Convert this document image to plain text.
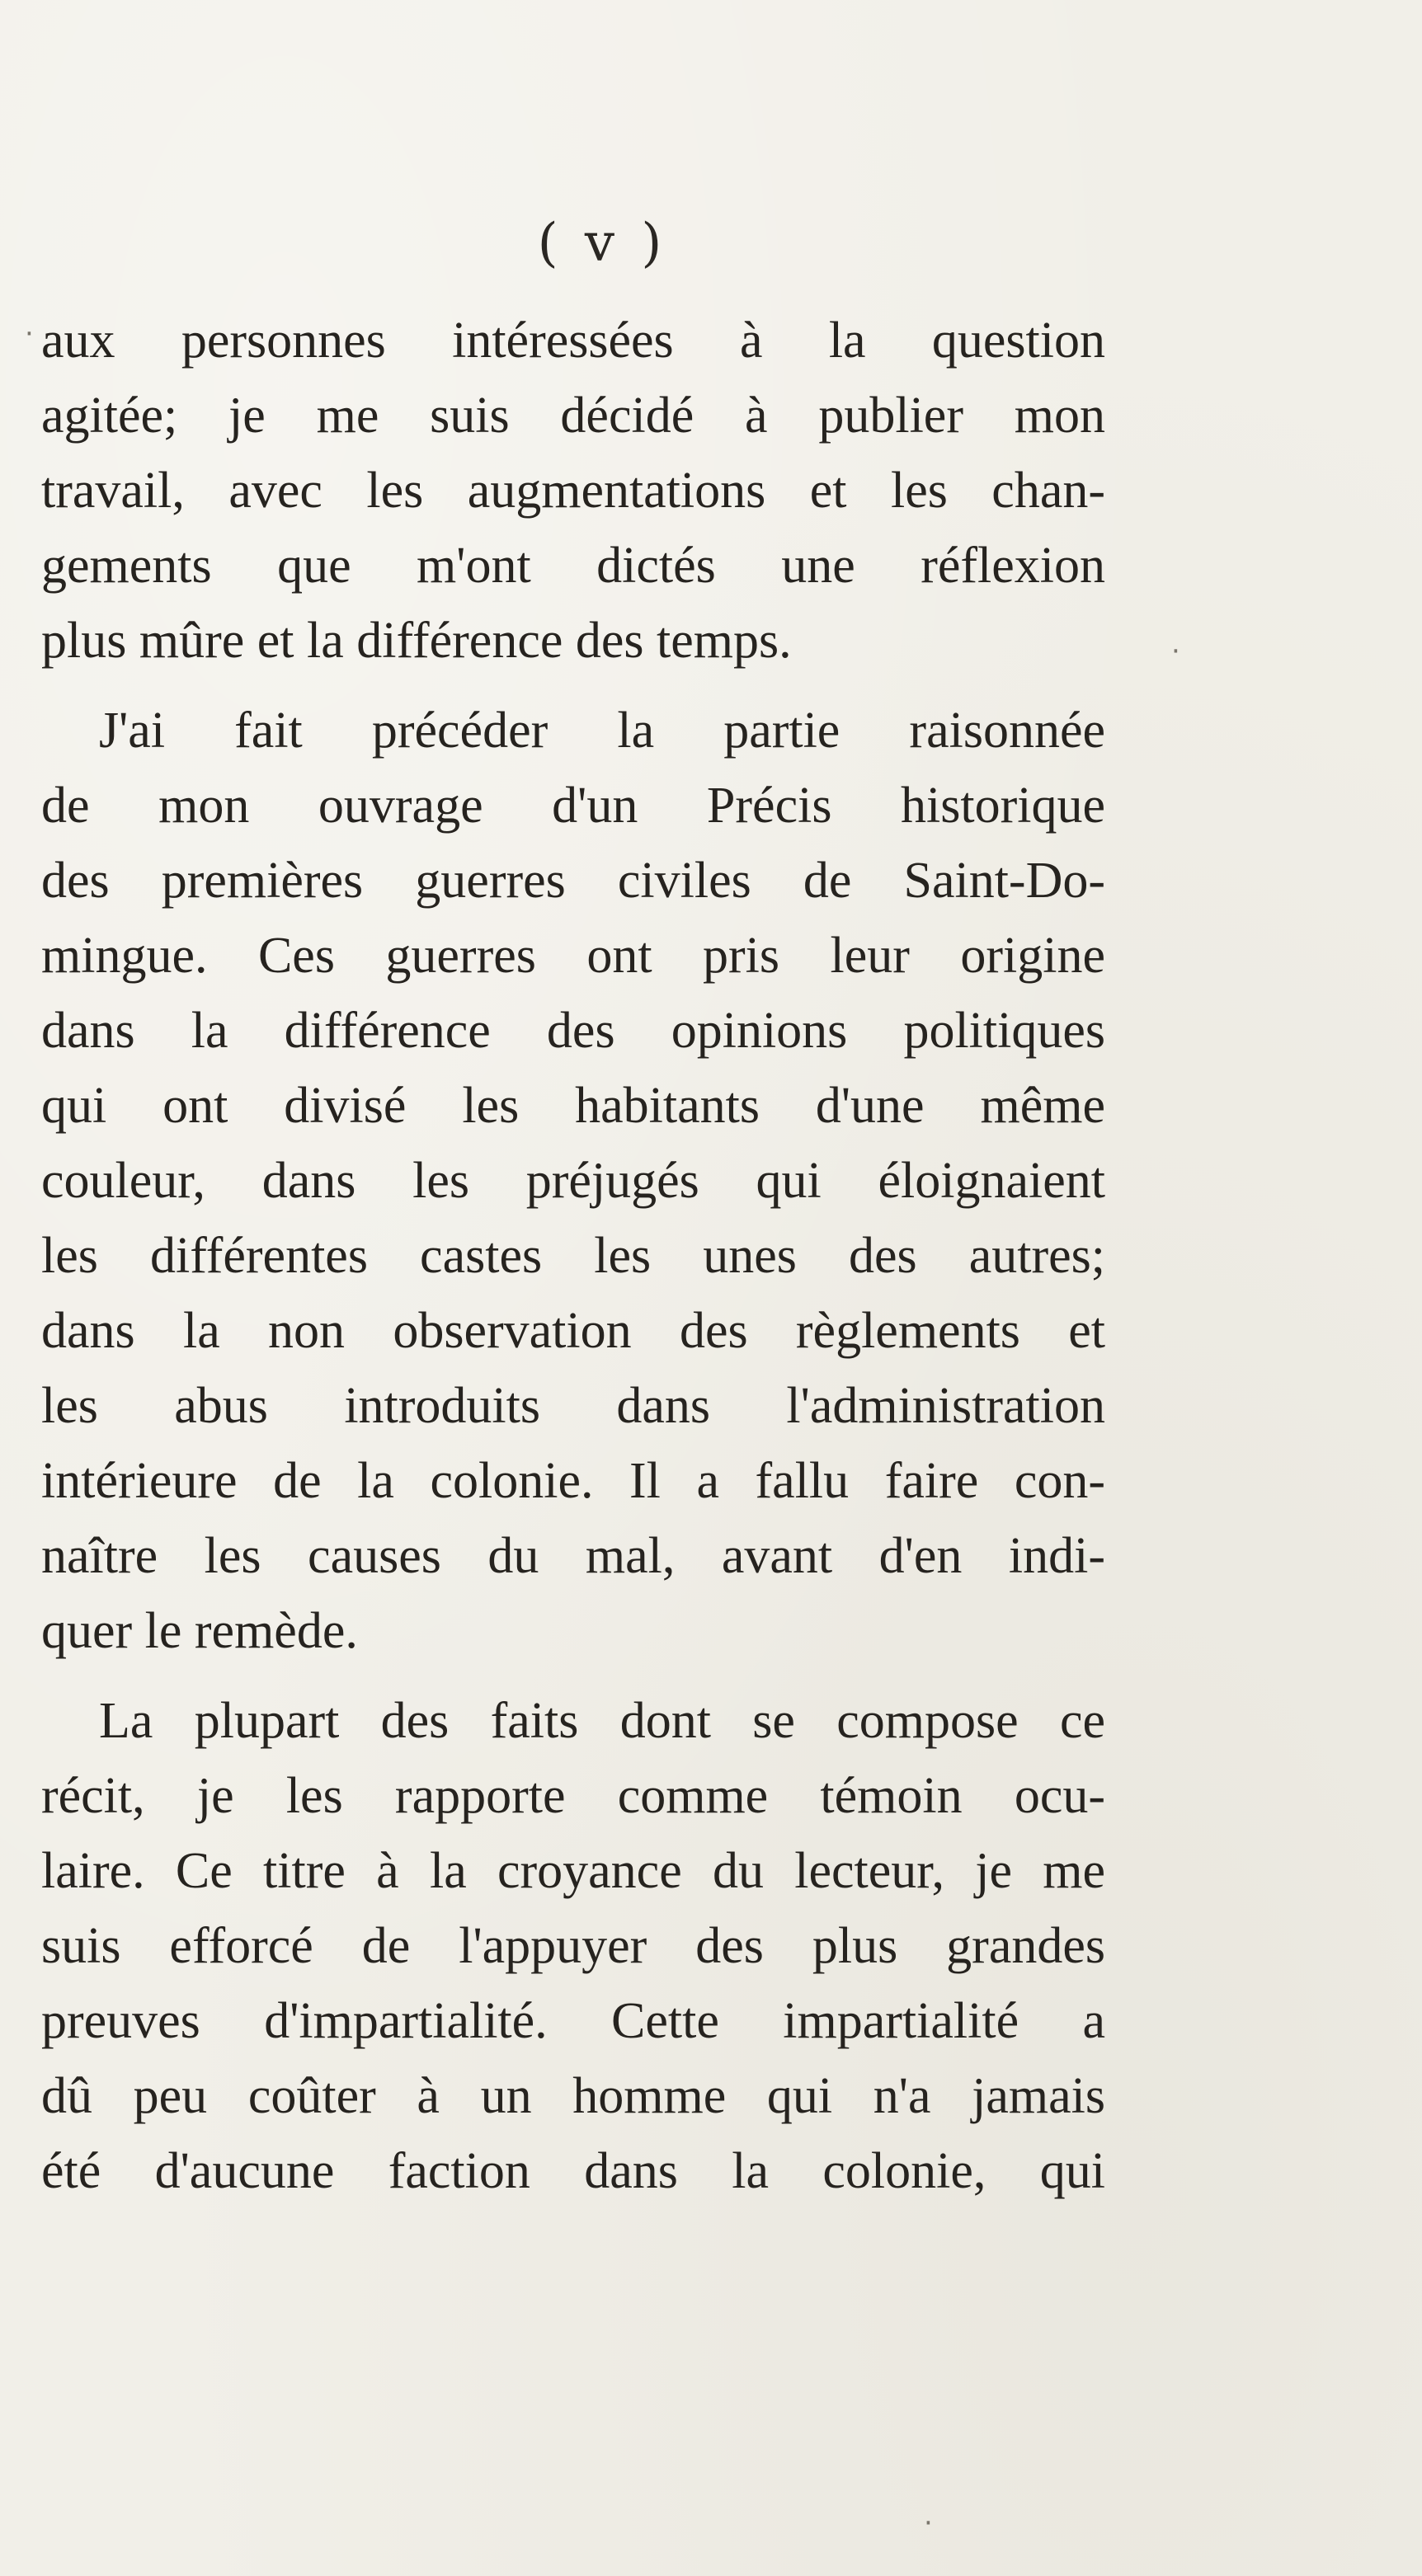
( v )
aux personnes intéressées à la question
agitée; je me suis décidé à publier mon
travail, avec les augmentations et les chan-
gements que m'ont dictés une réflexion
plus mûre et la différence des temps.
J'ai fait précéder la partie raisonnée
de mon ouvrage d'un Précis historique
des premières guerres civiles de Saint-Do-
mingue. Ces guerres ont pris leur origine
dans la différence des opinions politiques
qui ont divisé les habitants d'une même
couleur, dans les préjugés qui éloignaient
les différentes castes les unes des autres;
dans la non observation des règlements et
les abus introduits dans l'administration
intérieure de la colonie. Il a fallu faire con-
naître les causes du mal, avant d'en indi-
quer le remède.
La plupart des faits dont se compose ce
récit, je les rapporte comme témoin ocu-
laire. Ce titre à la croyance du lecteur, je me
suis efforcé de l'appuyer des plus grandes
preuves d'impartialité. Cette impartialité a
dû peu coûter à un homme qui n'a jamais
été d'aucune faction dans la colonie, qui
·
·
·
